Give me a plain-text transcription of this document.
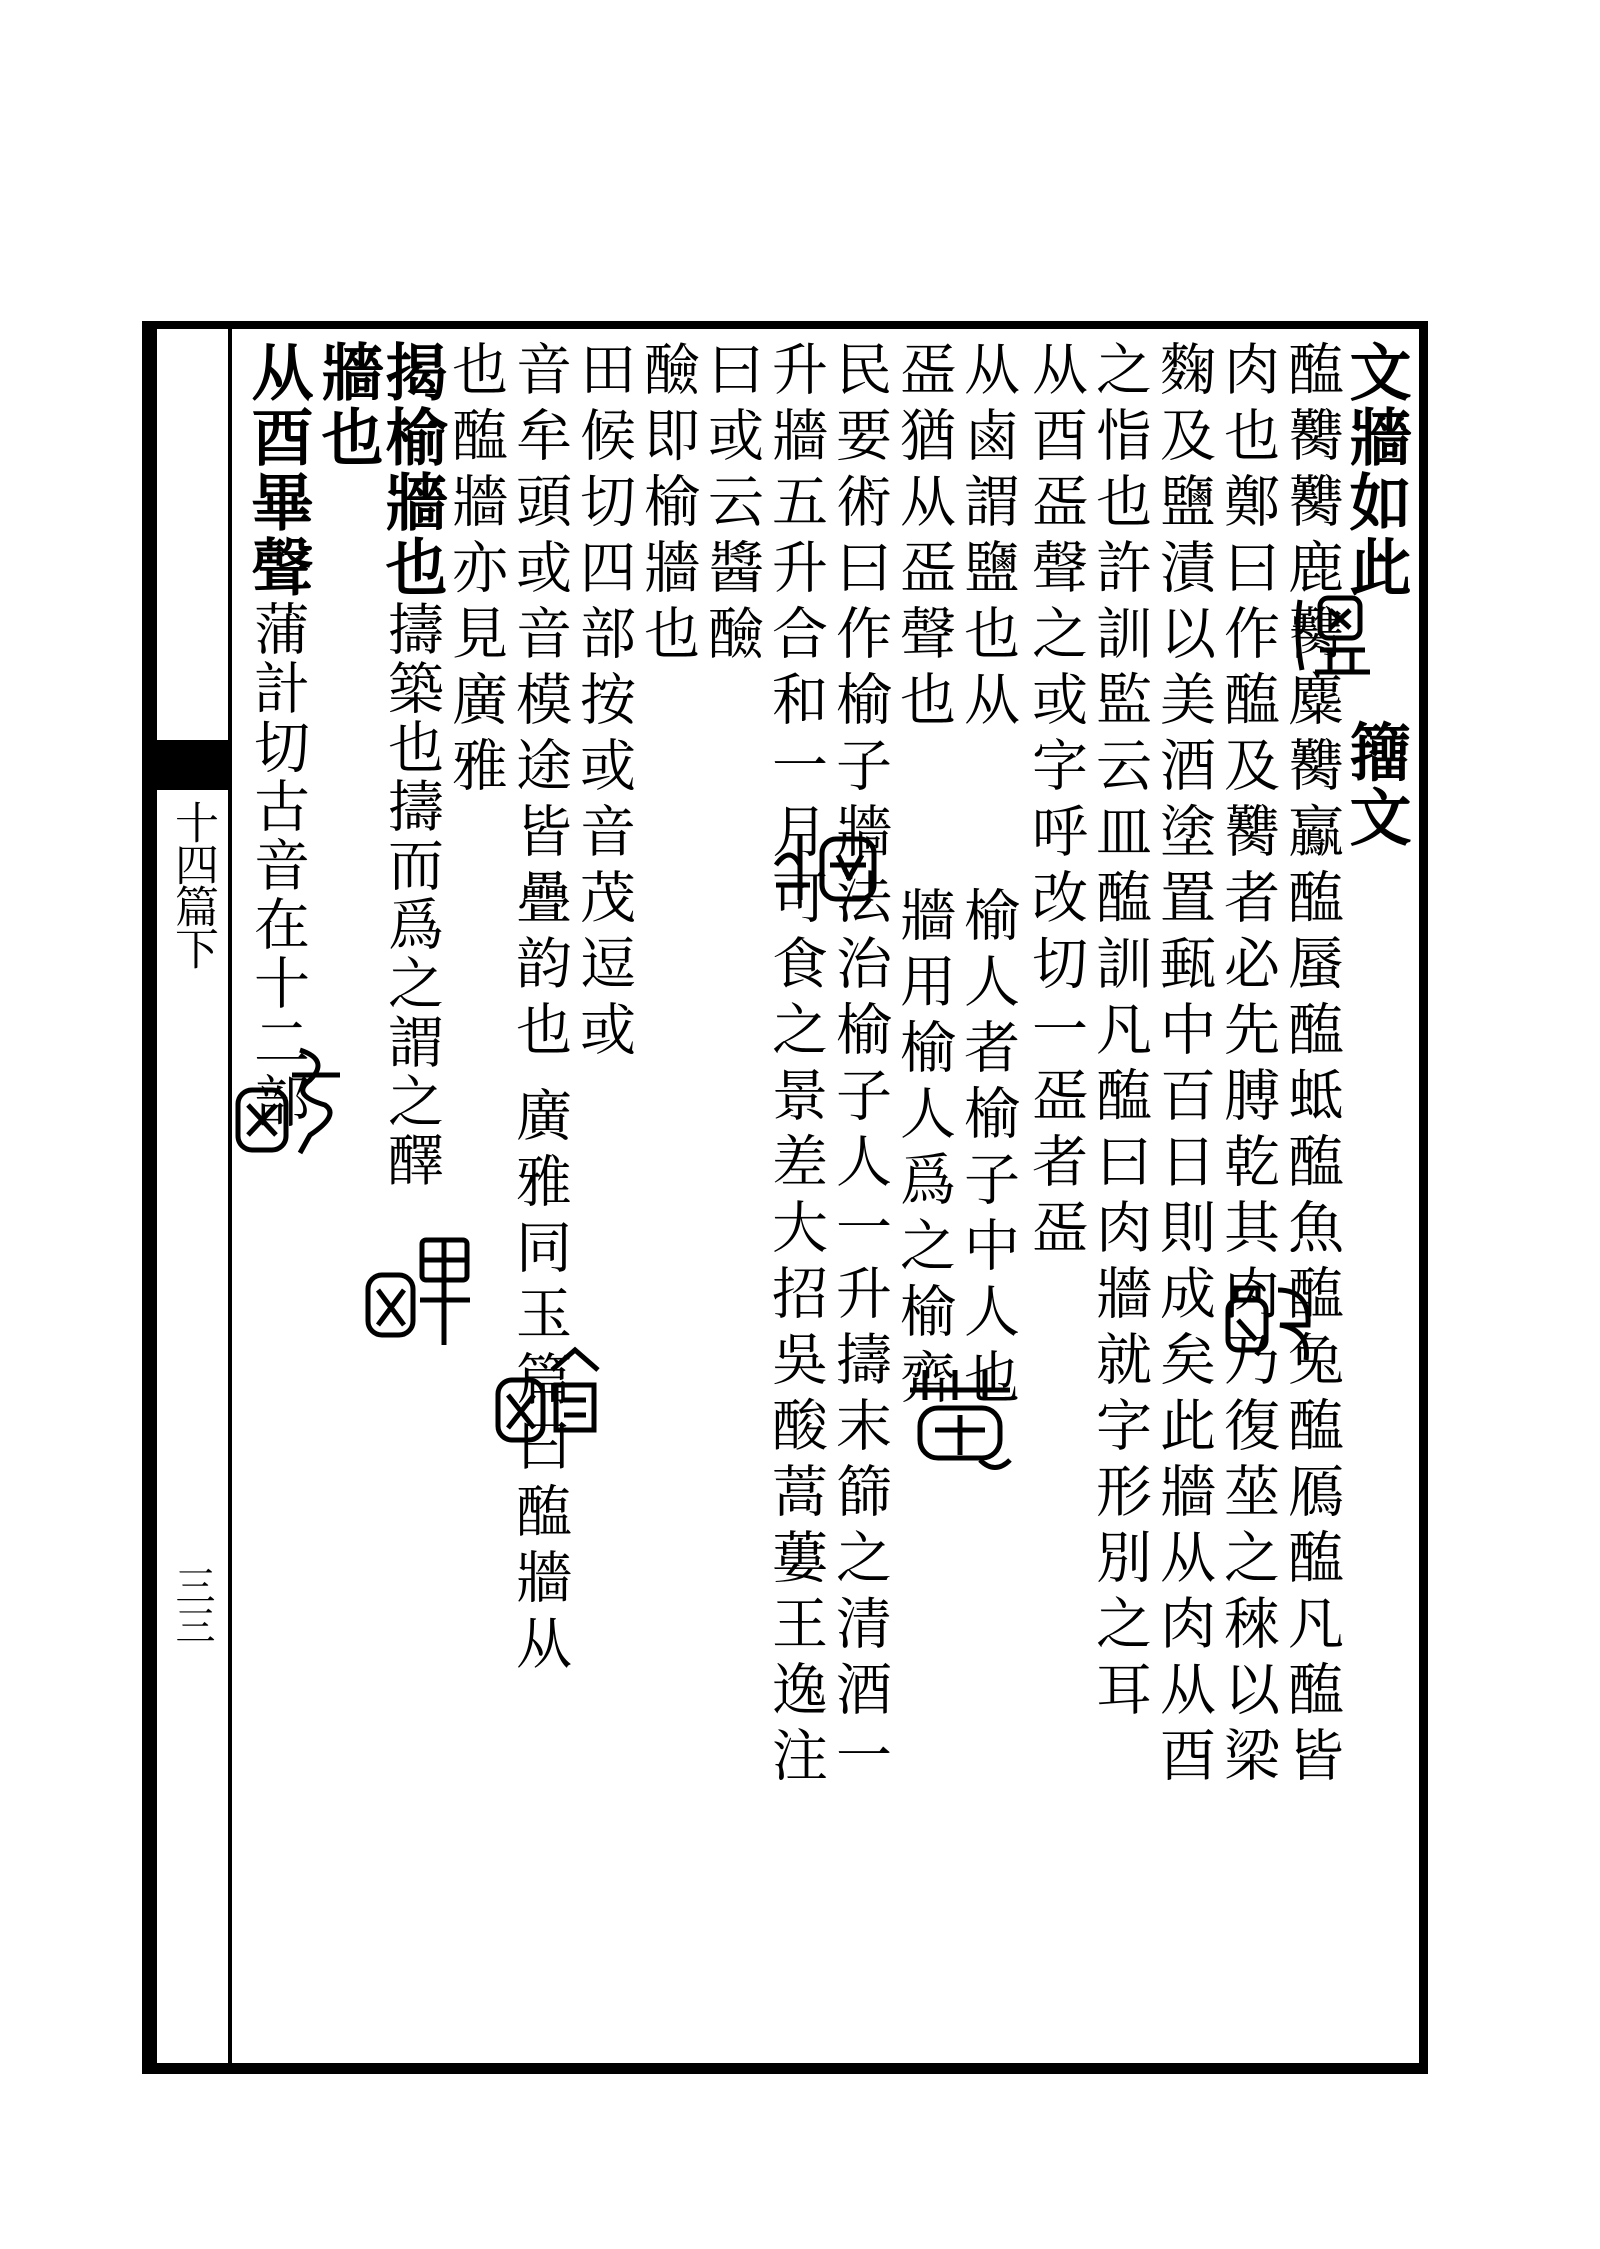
十四篇下
三三
文牆如此籒文
醢臡臡鹿臡麋臡鸁醢蜃醢蚳醢魚醢兔醢鴈醢凡醢皆
肉也鄭曰作醢及臡者必先膊乾其肉乃復莝之䅘以梁
麴及鹽漬以美酒塗置甀中百日則成矣此牆从肉从酉
之恉也許訓監云皿醢訓凡醢曰肉牆就字形別之耳
从酉㿿聲之或字呼改切一㿿者㿿
从鹵謂鹽也从榆人者榆子中人也
㿿猶从㿿聲也牆用榆人爲之榆齊
民要術曰作榆子牆法治榆子人一升擣末篩之清酒一
升牆五升合和一月可食之景差大招吳酸蒿蔞王逸注
曰或云醬醶
醶即榆牆也
田候切四部按或音茂逗或
音牟頭或音模途皆疊韵也廣雅同玉篇曰醢牆从
从酉畢聲蒲計切古音在十二部
也醢牆亦見廣雅
揭榆牆也擣築也擣而爲之謂之醳
牆也
